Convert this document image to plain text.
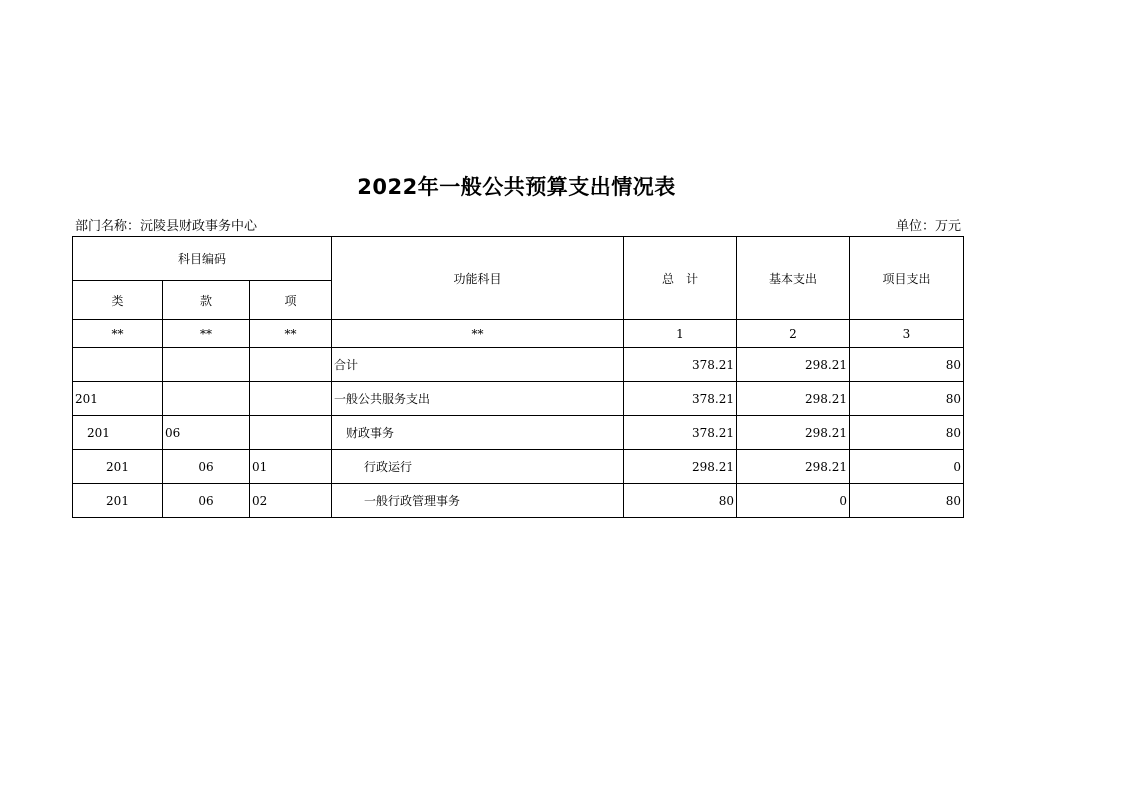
2022年一般公共预算支出情况表
部门名称：沅陵县财政事务中心	单位：万元
科目编码			功能科目	总　计	基本支出	项目支出
类	款	项				
**	**	**	**	1	2	3
			合计	378.21	298.21	80
201			一般公共服务支出	378.21	298.21	80
201	06		财政事务	378.21	298.21	80
201	06	01	行政运行	298.21	298.21	0
201	06	02	一般行政管理事务	80	0	80
